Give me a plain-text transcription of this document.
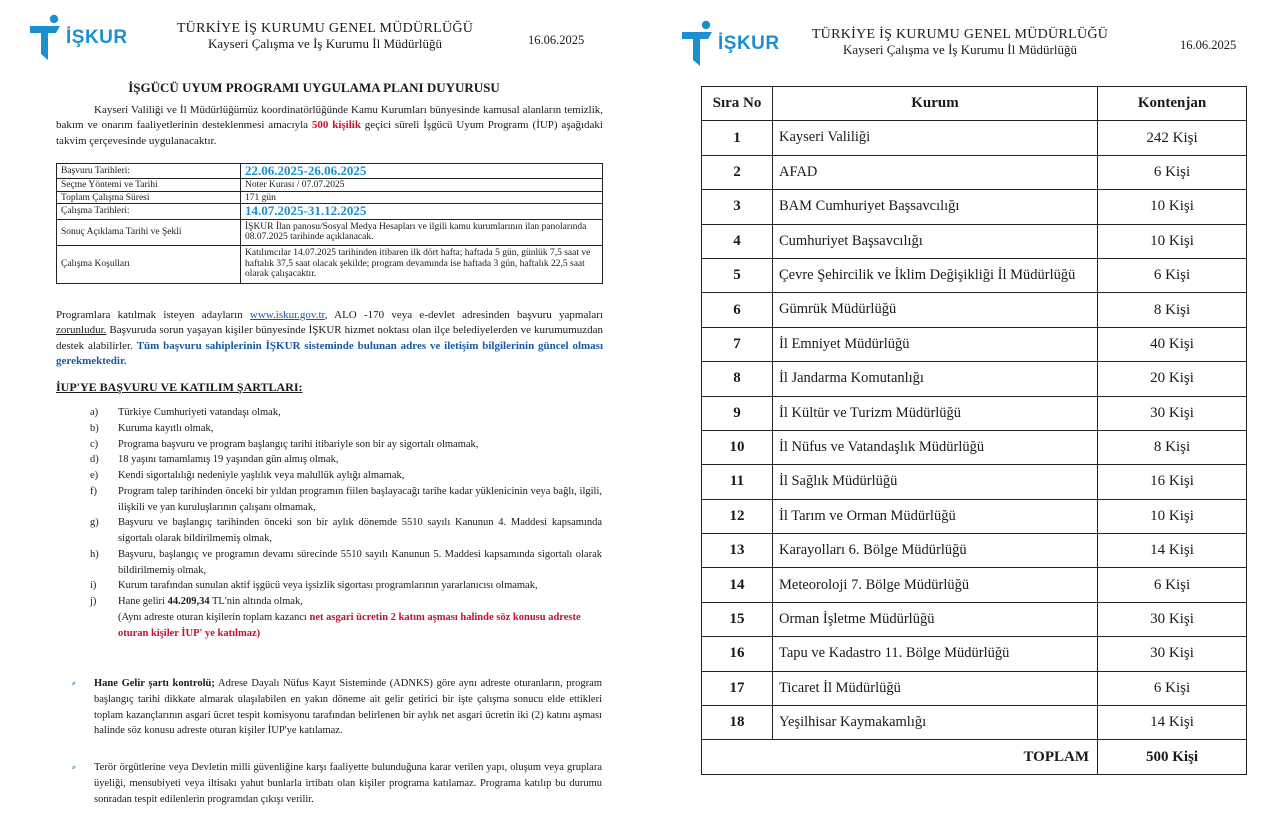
İŞKUR	TÜRKİYE İŞ KURUMU GENEL MÜDÜRLÜĞÜ
Kayseri Çalışma ve İş Kurumu İl Müdürlüğü	16.06.2025
İŞGÜCÜ UYUM PROGRAMI UYGULAMA PLANI DUYURUSU
Kayseri Valiliği ve İl Müdürlüğümüz koordinatörlüğünde Kamu Kurumları bünyesinde kamusal alanların temizlik, bakım ve onarım faaliyetlerinin desteklenmesi amacıyla 500 kişilik geçici süreli İşgücü Uyum Programı (İUP) aşağıdaki takvim çerçevesinde uygulanacaktır.
Başvuru Tarihleri:	22.06.2025-26.06.2025
Seçme Yöntemi ve Tarihi	Noter Kurası / 07.07.2025
Toplam Çalışma Süresi	171 gün
Çalışma Tarihleri:	14.07.2025-31.12.2025
Sonuç Açıklama Tarihi ve Şekli	İŞKUR İlan panosu/Sosyal Medya Hesapları ve ilgili kamu kurumlarının ilan panolarında 08.07.2025 tarihinde açıklanacak.
Çalışma Koşulları	Katılımcılar 14.07.2025 tarihinden itibaren ilk dört hafta; haftada 5 gün, günlük 7,5 saat ve haftalık 37,5 saat olacak şekilde; program devamında ise haftada 3 gün, haftalık 22,5 saat olarak çalışacaktır.
Programlara katılmak isteyen adayların www.iskur.gov.tr, ALO -170 veya e-devlet adresinden başvuru yapmaları zorunludur. Başvuruda sorun yaşayan kişiler bünyesinde İŞKUR hizmet noktası olan ilçe belediyelerden ve kurumumuzdan destek alabilirler. Tüm başvuru sahiplerinin İŞKUR sisteminde bulunan adres ve iletişim bilgilerinin güncel olması gerekmektedir.
İUP'YE BAŞVURU VE KATILIM ŞARTLARI:
a)	Türkiye Cumhuriyeti vatandaşı olmak,
b)	Kuruma kayıtlı olmak,
c)	Programa başvuru ve program başlangıç tarihi itibariyle son bir ay sigortalı olmamak,
d)	18 yaşını tamamlamış 19 yaşından gün almış olmak,
e)	Kendi sigortalılığı nedeniyle yaşlılık veya malullük aylığı almamak,
f)	Program talep tarihinden önceki bir yıldan programın fiilen başlayacağı tarihe kadar yüklenicinin veya bağlı, ilgili, ilişkili ve yan kuruluşlarının çalışanı olmamak,
g)	Başvuru ve başlangıç tarihinden önceki son bir aylık dönemde 5510 sayılı Kanunun 4. Maddesi kapsamında sigortalı olarak bildirilmemiş olmak,
h)	Başvuru, başlangıç ve programın devamı sürecinde 5510 sayılı Kanunun 5. Maddesi kapsamında sigortalı olarak bildirilmemiş olmak,
i)	Kurum tarafından sunulan aktif işgücü veya işsizlik sigortası programlarının yararlanıcısı olmamak,
j)	Hane geliri 44.209,34 TL'nin altında olmak,
(Aynı adreste oturan kişilerin toplam kazancı net asgari ücretin 2 katını aşması halinde söz konusu adreste oturan kişiler İUP' ye katılmaz)
⸗	Hane Gelir şartı kontrolü; Adrese Dayalı Nüfus Kayıt Sisteminde (ADNKS) göre aynı adreste oturanların, program başlangıç tarihi dikkate almarak ulaşılabilen en yakın döneme ait gelir getirici bir işte çalışma sonucu elde ettikleri toplam kazançlarının asgari ücret tespit komisyonu tarafından belirlenen bir aylık net asgari ücretin iki (2) katını aşması halinde söz konusu adreste oturan kişiler İUP'ye katılamaz.
⸗	Terör örgütlerine veya Devletin milli güvenliğine karşı faaliyette bulunduğuna karar verilen yapı, oluşum veya gruplara üyeliği, mensubiyeti veya iltisakı yahut bunlarla irtibatı olan kişiler programa katılamaz. Programa katılıp bu durumu sonradan tespit edilenlerin programdan çıkışı verilir.
İŞKUR TÜRKİYE İŞ KURUMU GENEL MÜDÜRLÜĞÜ
Kayseri Çalışma ve İş Kurumu İl Müdürlüğü	16.06.2025
Sıra No	Kurum	Kontenjan
1	Kayseri Valiliği	242 Kişi
2	AFAD	6 Kişi
3	BAM Cumhuriyet Başsavcılığı	10 Kişi
4	Cumhuriyet Başsavcılığı	10 Kişi
5	Çevre Şehircilik ve İklim Değişikliği İl Müdürlüğü	6 Kişi
6	Gümrük Müdürlüğü	8 Kişi
7	İl Emniyet Müdürlüğü	40 Kişi
8	İl Jandarma Komutanlığı	20 Kişi
9	İl Kültür ve Turizm Müdürlüğü	30 Kişi
10	İl Nüfus ve Vatandaşlık Müdürlüğü	8 Kişi
11	İl Sağlık Müdürlüğü	16 Kişi
12	İl Tarım ve Orman Müdürlüğü	10 Kişi
13	Karayolları 6. Bölge Müdürlüğü	14 Kişi
14	Meteoroloji 7. Bölge Müdürlüğü	6 Kişi
15	Orman İşletme Müdürlüğü	30 Kişi
16	Tapu ve Kadastro 11. Bölge Müdürlüğü	30 Kişi
17	Ticaret İl Müdürlüğü	6 Kişi
18	Yeşilhisar Kaymakamlığı	14 Kişi
TOPLAM		500 Kişi
